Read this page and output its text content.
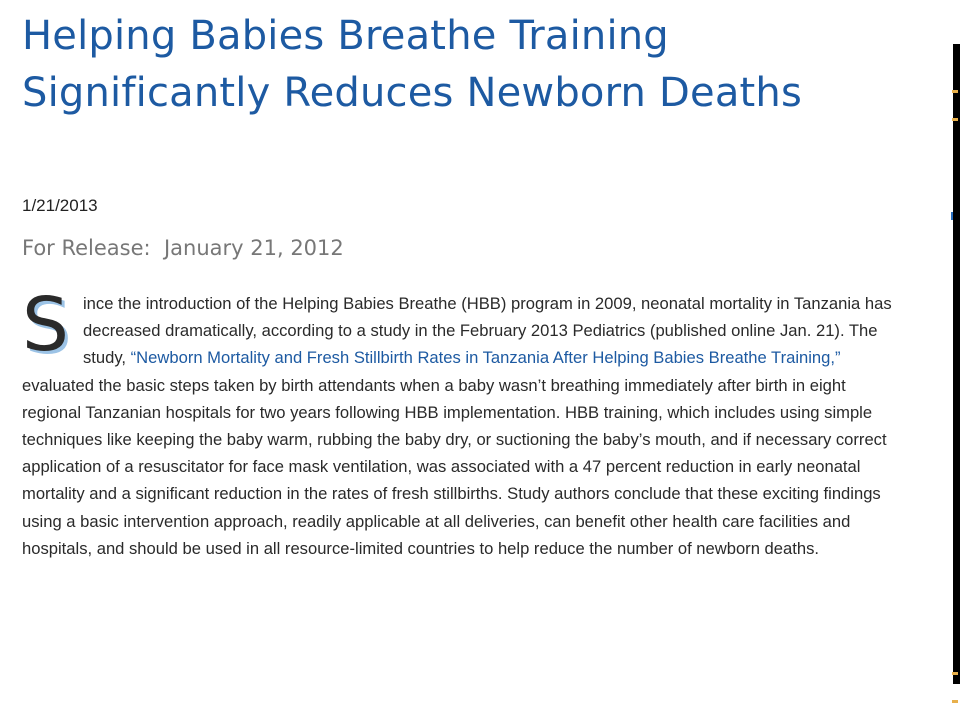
Helping Babies Breathe Training Significantly Reduces Newborn Deaths
1/21/2013
For Release:  January 21, 2012

Since the introduction of the Helping Babies Breathe (HBB) program in 2009, neonatal mortality in Tanzania has decreased dramatically, according to a study in the February 2013 Pediatrics (published online Jan. 21). The study, “Newborn Mortality and Fresh Stillbirth Rates in Tanzania After Helping Babies Breathe Training,” evaluated the basic steps taken by birth attendants when a baby wasn’t breathing immediately after birth in eight regional Tanzanian hospitals for two years following HBB implementation. HBB training, which includes using simple techniques like keeping the baby warm, rubbing the baby dry, or suctioning the baby’s mouth, and if necessary correct application of a resuscitator for face mask ventilation, was associated with a 47 percent reduction in early neonatal mortality and a significant reduction in the rates of fresh stillbirths. Study authors conclude that these exciting findings using a basic intervention approach, readily applicable at all deliveries, can benefit other health care facilities and hospitals, and should be used in all resource-limited countries to help reduce the number of newborn deaths.
